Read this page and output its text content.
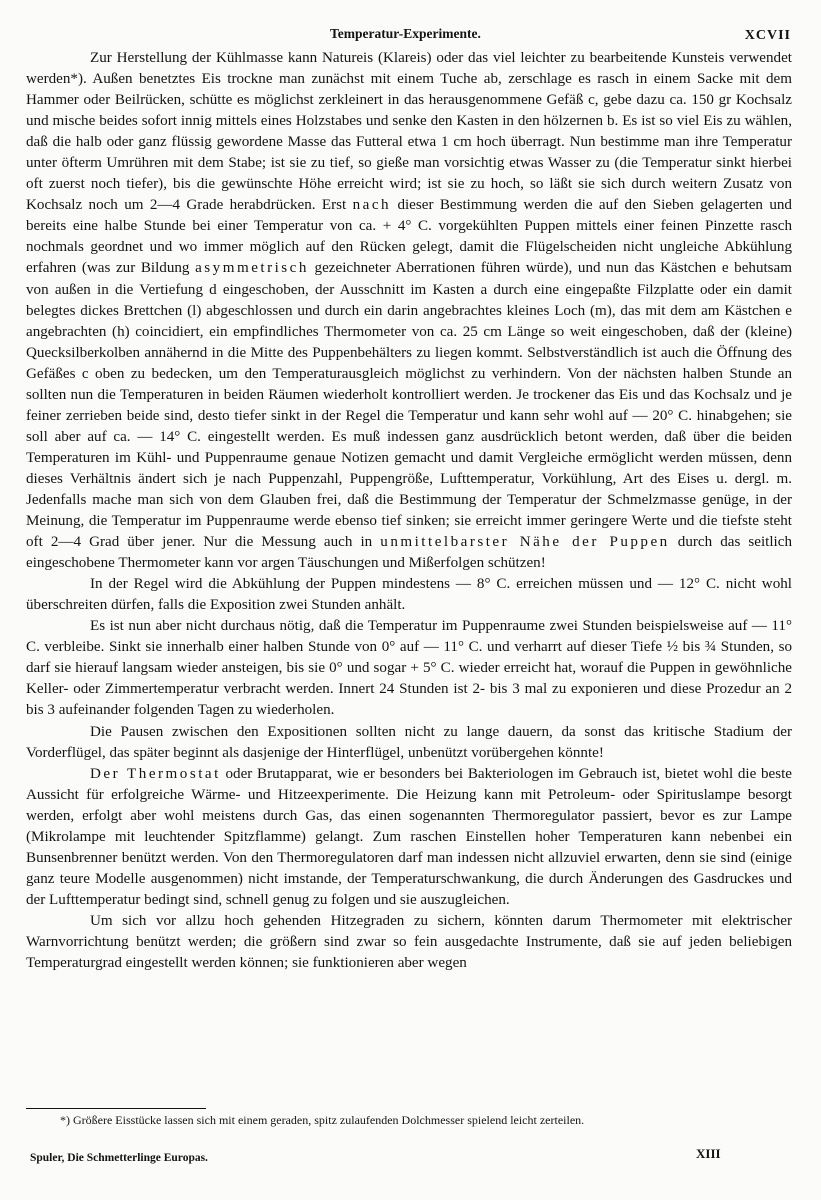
Temperatur-Experimente.	XCVII

Zur Herstellung der Kühlmasse kann Natureis (Klareis) oder das viel leichter zu bearbeitende Kunsteis verwendet werden*). Außen benetztes Eis trockne man zunächst mit einem Tuche ab, zerschlage es rasch in einem Sacke mit dem Hammer oder Beilrücken, schütte es möglichst zerkleinert in das herausgenommene Gefäß c, gebe dazu ca. 150 gr Kochsalz und mische beides sofort innig mittels eines Holzstabes und senke den Kasten in den hölzernen b. Es ist so viel Eis zu wählen, daß die halb oder ganz flüssig gewordene Masse das Futteral etwa 1 cm hoch überragt. Nun bestimme man ihre Temperatur unter öfterm Umrühren mit dem Stabe; ist sie zu tief, so gieße man vorsichtig etwas Wasser zu (die Temperatur sinkt hierbei oft zuerst noch tiefer), bis die gewünschte Höhe erreicht wird; ist sie zu hoch, so läßt sie sich durch weitern Zusatz von Kochsalz noch um 2—4 Grade herabdrücken. Erst nach dieser Bestimmung werden die auf den Sieben gelagerten und bereits eine halbe Stunde bei einer Temperatur von ca. + 4° C. vorgekühlten Puppen mittels einer feinen Pinzette rasch nochmals geordnet und wo immer möglich auf den Rücken gelegt, damit die Flügelscheiden nicht ungleiche Abkühlung erfahren (was zur Bildung asymmetrisch gezeichneter Aberrationen führen würde), und nun das Kästchen e behutsam von außen in die Vertiefung d eingeschoben, der Ausschnitt im Kasten a durch eine eingepaßte Filzplatte oder ein damit belegtes dickes Brettchen (l) abgeschlossen und durch ein darin angebrachtes kleines Loch (m), das mit dem am Kästchen e angebrachten (h) coincidiert, ein empfindliches Thermometer von ca. 25 cm Länge so weit eingeschoben, daß der (kleine) Quecksilberkolben annähernd in die Mitte des Puppenbehälters zu liegen kommt. Selbstverständlich ist auch die Öffnung des Gefäßes c oben zu bedecken, um den Temperaturausgleich möglichst zu verhindern. Von der nächsten halben Stunde an sollten nun die Temperaturen in beiden Räumen wiederholt kontrolliert werden. Je trockener das Eis und das Kochsalz und je feiner zerrieben beide sind, desto tiefer sinkt in der Regel die Temperatur und kann sehr wohl auf — 20° C. hinabgehen; sie soll aber auf ca. — 14° C. eingestellt werden. Es muß indessen ganz ausdrücklich betont werden, daß über die beiden Temperaturen im Kühl- und Puppenraume genaue Notizen gemacht und damit Vergleiche ermöglicht werden müssen, denn dieses Verhältnis ändert sich je nach Puppenzahl, Puppengröße, Lufttemperatur, Vorkühlung, Art des Eises u. dergl. m. Jedenfalls mache man sich von dem Glauben frei, daß die Bestimmung der Temperatur der Schmelzmasse genüge, in der Meinung, die Temperatur im Puppenraume werde ebenso tief sinken; sie erreicht immer geringere Werte und die tiefste steht oft 2—4 Grad über jener. Nur die Messung auch in unmittelbarster Nähe der Puppen durch das seitlich eingeschobene Thermometer kann vor argen Täuschungen und Mißerfolgen schützen!

In der Regel wird die Abkühlung der Puppen mindestens — 8° C. erreichen müssen und — 12° C. nicht wohl überschreiten dürfen, falls die Exposition zwei Stunden anhält.

Es ist nun aber nicht durchaus nötig, daß die Temperatur im Puppenraume zwei Stunden beispielsweise auf — 11° C. verbleibe. Sinkt sie innerhalb einer halben Stunde von 0° auf — 11° C. und verharrt auf dieser Tiefe ½ bis ¾ Stunden, so darf sie hierauf langsam wieder ansteigen, bis sie 0° und sogar + 5° C. wieder erreicht hat, worauf die Puppen in gewöhnliche Keller- oder Zimmertemperatur verbracht werden. Innert 24 Stunden ist 2- bis 3 mal zu exponieren und diese Prozedur an 2 bis 3 aufeinander folgenden Tagen zu wiederholen.

Die Pausen zwischen den Expositionen sollten nicht zu lange dauern, da sonst das kritische Stadium der Vorderflügel, das später beginnt als dasjenige der Hinterflügel, unbenützt vorübergehen könnte!

Der Thermostat oder Brutapparat, wie er besonders bei Bakteriologen im Gebrauch ist, bietet wohl die beste Aussicht für erfolgreiche Wärme- und Hitzeexperimente. Die Heizung kann mit Petroleum- oder Spirituslampe besorgt werden, erfolgt aber wohl meistens durch Gas, das einen sogenannten Thermoregulator passiert, bevor es zur Lampe (Mikrolampe mit leuchtender Spitzflamme) gelangt. Zum raschen Einstellen hoher Temperaturen kann nebenbei ein Bunsenbrenner benützt werden. Von den Thermoregulatoren darf man indessen nicht allzuviel erwarten, denn sie sind (einige ganz teure Modelle ausgenommen) nicht imstande, der Temperaturschwankung, die durch Änderungen des Gasdruckes und der Lufttemperatur bedingt sind, schnell genug zu folgen und sie auszugleichen.

Um sich vor allzu hoch gehenden Hitzegraden zu sichern, könnten darum Thermometer mit elektrischer Warnvorrichtung benützt werden; die größern sind zwar so fein ausgedachte Instrumente, daß sie auf jeden beliebigen Temperaturgrad eingestellt werden können; sie funktionieren aber wegen

*) Größere Eisstücke lassen sich mit einem geraden, spitz zulaufenden Dolchmesser spielend leicht zerteilen.
Spuler, Die Schmetterlinge Europas.	XIII
